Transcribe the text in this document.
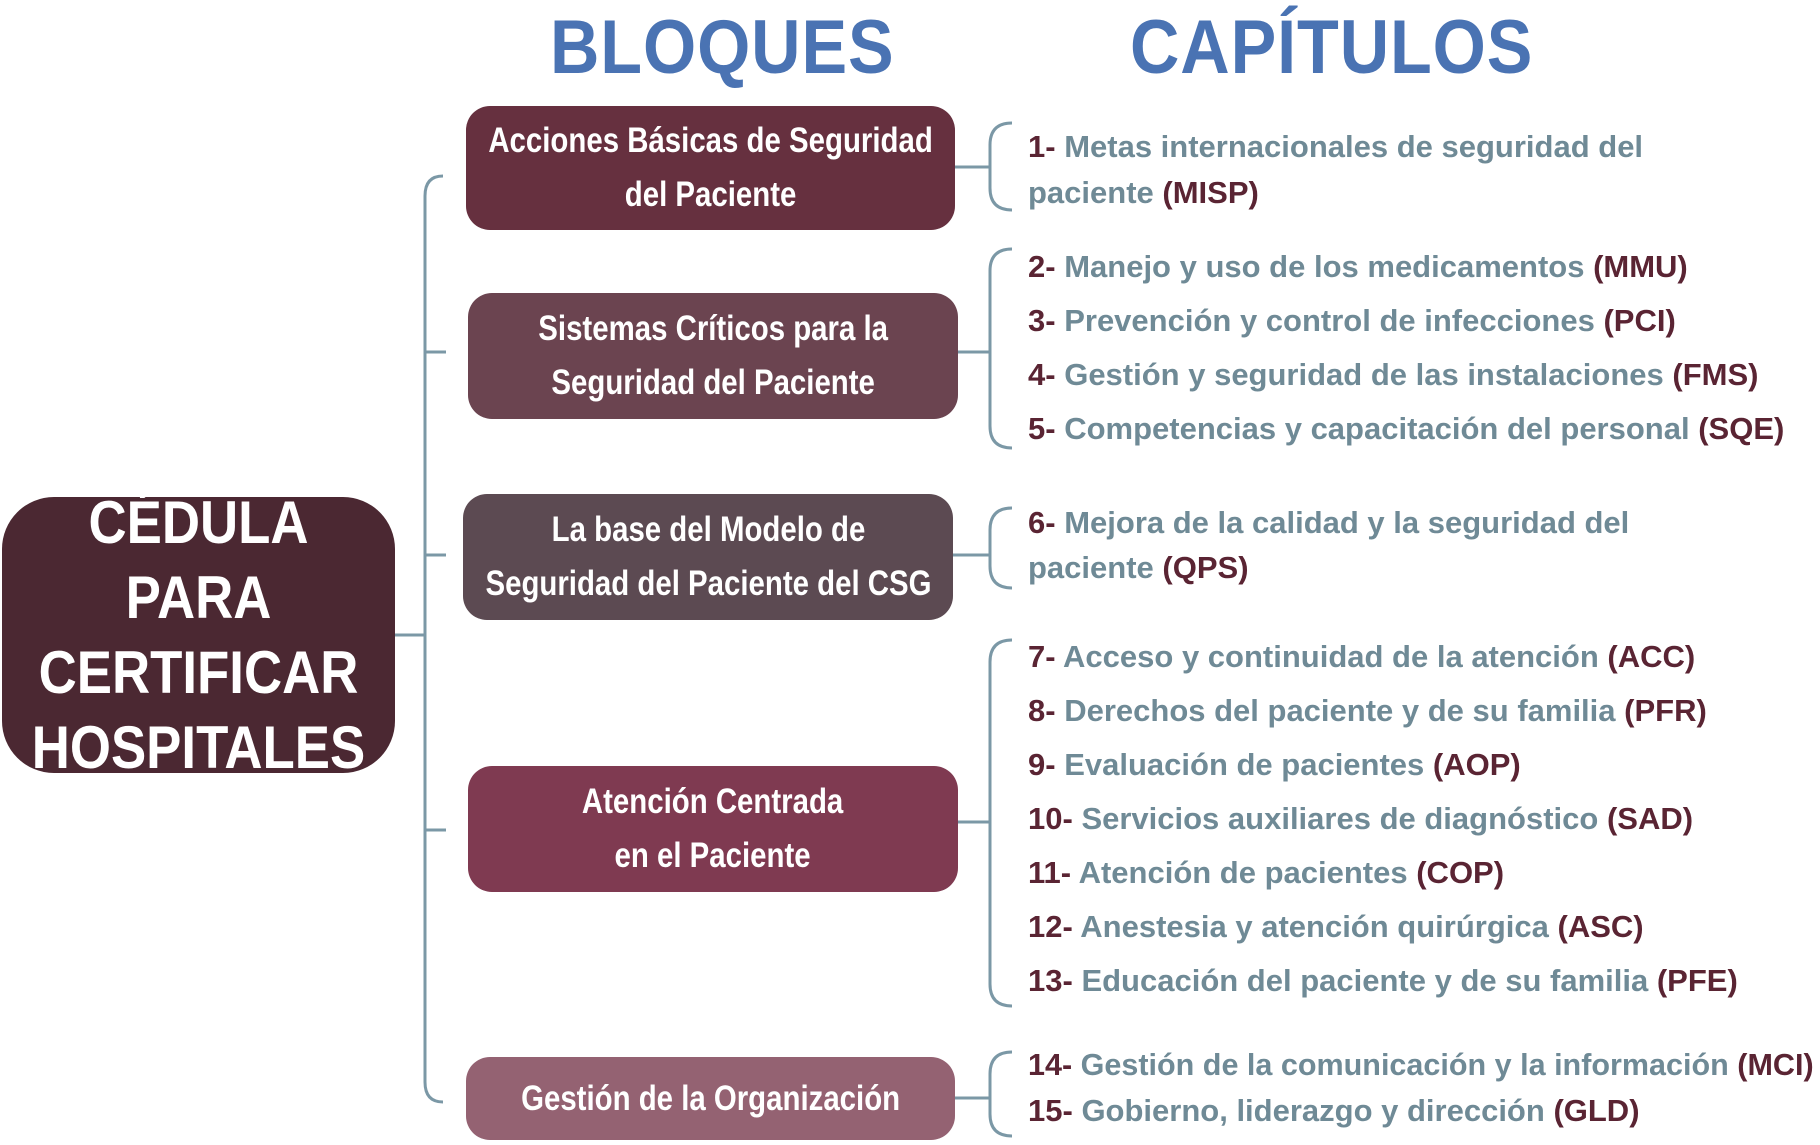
BLOQUES	CAPÍTULOS
CÉDULA PARA
CERTIFICAR
HOSPITALES
Acciones Básicas de Seguridad
del Paciente
Sistemas Críticos para la
Seguridad del Paciente
La base del Modelo de
Seguridad del Paciente del CSG
Atención Centrada
en el Paciente
Gestión de la Organización
1- Metas internacionales de seguridad del
paciente (MISP)
2- Manejo y uso de los medicamentos (MMU)
3- Prevención y control de infecciones (PCI)
4- Gestión y seguridad de las instalaciones (FMS)
5- Competencias y capacitación del personal (SQE)
6- Mejora de la calidad y la seguridad del
paciente (QPS)
7- Acceso y continuidad de la atención (ACC)
8- Derechos del paciente y de su familia (PFR)
9- Evaluación de pacientes (AOP)
10- Servicios auxiliares de diagnóstico (SAD)
11- Atención de pacientes (COP)
12- Anestesia y atención quirúrgica (ASC)
13- Educación del paciente y de su familia (PFE)
14- Gestión de la comunicación y la información (MCI)
15- Gobierno, liderazgo y dirección (GLD)
